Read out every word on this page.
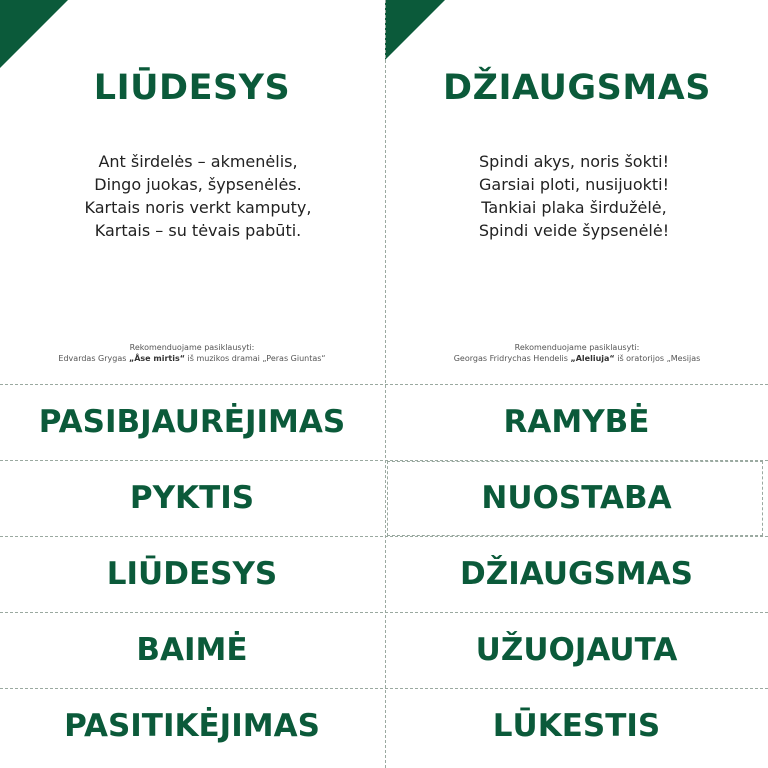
LIŪDESYS
Ant širdelės – akmenėlis,
Dingo juokas, šypsenėlės.
Kartais noris verkt kamputy,
Kartais – su tėvais pabūti.
Rekomenduojame pasiklausyti:
Edvardas Grygas „Åse mirtis“ iš muzikos dramai „Peras Giuntas“
DŽIAUGSMAS
Spindi akys, noris šokti!
Garsiai ploti, nusijuokti!
Tankiai plaka širdužėlė,
Spindi veide šypsenėlė!
Rekomenduojame pasiklausyti:
Georgas Fridrychas Hendelis „Aleliuja“ iš oratorijos „Mesijas
PASIBJAURĖJIMAS	RAMYBĖ
PYKTIS	NUOSTABA
LIŪDESYS	DŽIAUGSMAS
BAIMĖ	UŽUOJAUTA
PASITIKĖJIMAS	LŪKESTIS
